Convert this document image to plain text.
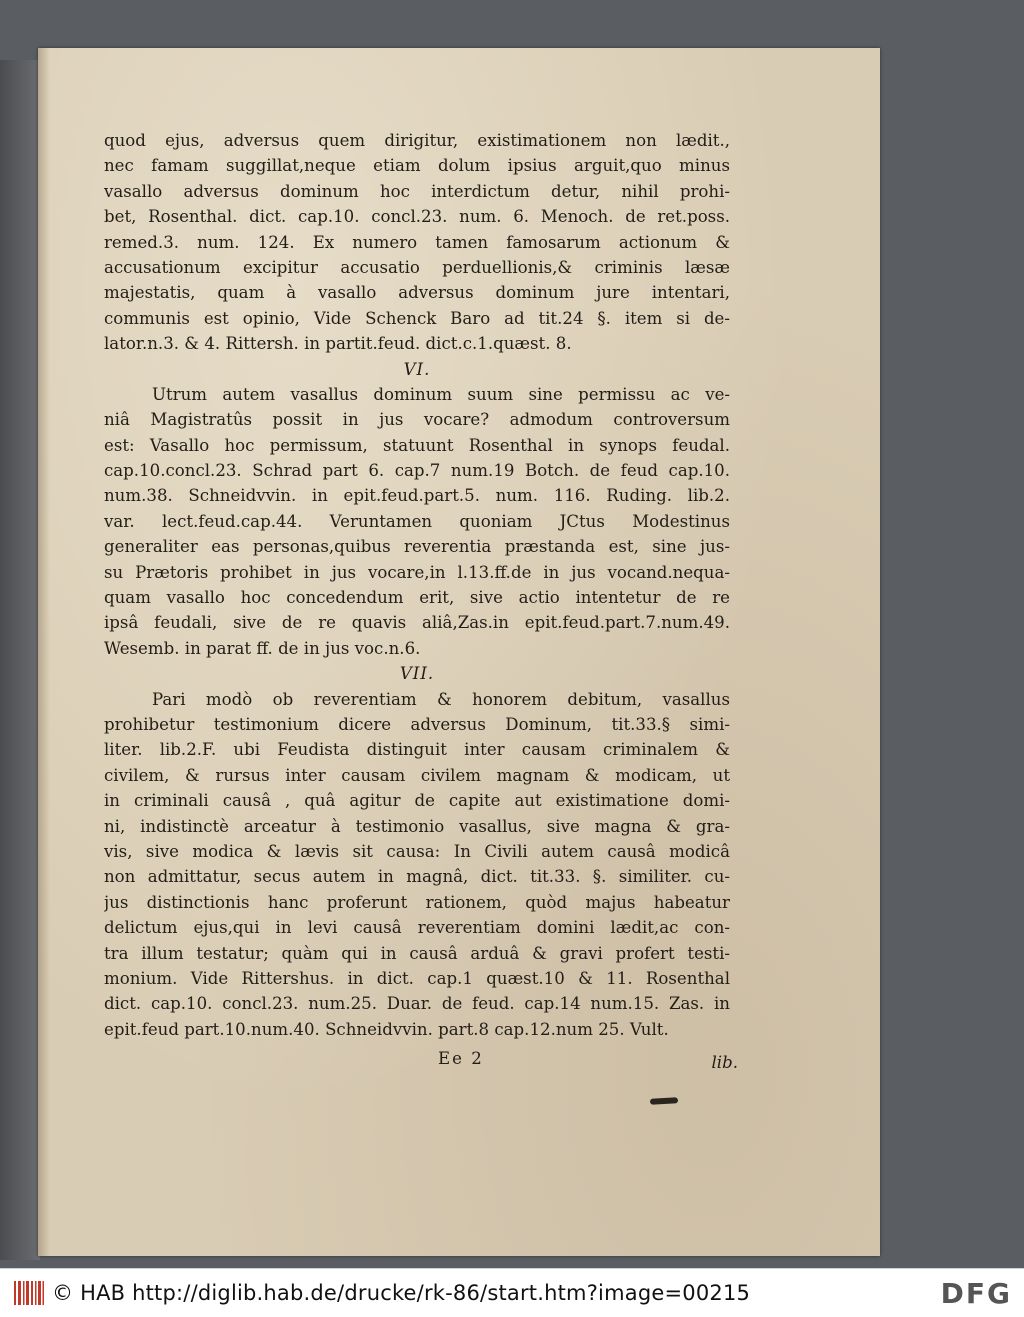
quod ejus, adversus quem dirigitur, existimationem non lædit.,
nec famam suggillat,neque etiam dolum ipsius arguit,quo minus
vasallo adversus dominum hoc interdictum detur, nihil prohi-
bet, Rosenthal. dict. cap.10. concl.23. num. 6. Menoch. de ret.poss.
remed.3. num. 124. Ex numero tamen famosarum actionum &
accusationum excipitur accusatio perduellionis,& criminis læsæ
majestatis, quam à vasallo adversus dominum jure intentari,
communis est opinio, Vide Schenck Baro ad tit.24 §. item si de-
lator.n.3. & 4. Rittersh. in partit.feud. dict.c.1.quæst. 8.
VI.
Utrum autem vasallus dominum suum sine permissu ac ve-
niâ Magistratûs possit in jus vocare? admodum controversum
est: Vasallo hoc permissum, statuunt Rosenthal in synops feudal.
cap.10.concl.23. Schrad part 6. cap.7 num.19 Botch. de feud cap.10.
num.38. Schneidvvin. in epit.feud.part.5. num. 116. Ruding. lib.2.
var. lect.feud.cap.44. Veruntamen quoniam JCtus Modestinus
generaliter eas personas,quibus reverentia præstanda est, sine jus-
su Prætoris prohibet in jus vocare,in l.13.ff.de in jus vocand.nequa-
quam vasallo hoc concedendum erit, sive actio intentetur de re
ipsâ feudali, sive de re quavis aliâ,Zas.in epit.feud.part.7.num.49.
Wesemb. in parat ff. de in jus voc.n.6.
VII.
Pari modò ob reverentiam & honorem debitum, vasallus
prohibetur testimonium dicere adversus Dominum, tit.33.§ simi-
liter. lib.2.F. ubi Feudista distinguit inter causam criminalem &
civilem, & rursus inter causam civilem magnam & modicam, ut
in criminali causâ , quâ agitur de capite aut existimatione domi-
ni, indistinctè arceatur à testimonio vasallus, sive magna & gra-
vis, sive modica & lævis sit causa: In Civili autem causâ modicâ
non admittatur, secus autem in magnâ, dict. tit.33. §. similiter. cu-
jus distinctionis hanc proferunt rationem, quòd majus habeatur
delictum ejus,qui in levi causâ reverentiam domini lædit,ac con-
tra illum testatur; quàm qui in causâ arduâ & gravi profert testi-
monium. Vide Rittershus. in dict. cap.1 quæst.10 & 11. Rosenthal
dict. cap.10. concl.23. num.25. Duar. de feud. cap.14 num.15. Zas. in
epit.feud part.10.num.40. Schneidvvin. part.8 cap.12.num 25. Vult.
Ee 2	lib.
© HAB http://diglib.hab.de/drucke/rk-86/start.htm?image=00215	DFG
